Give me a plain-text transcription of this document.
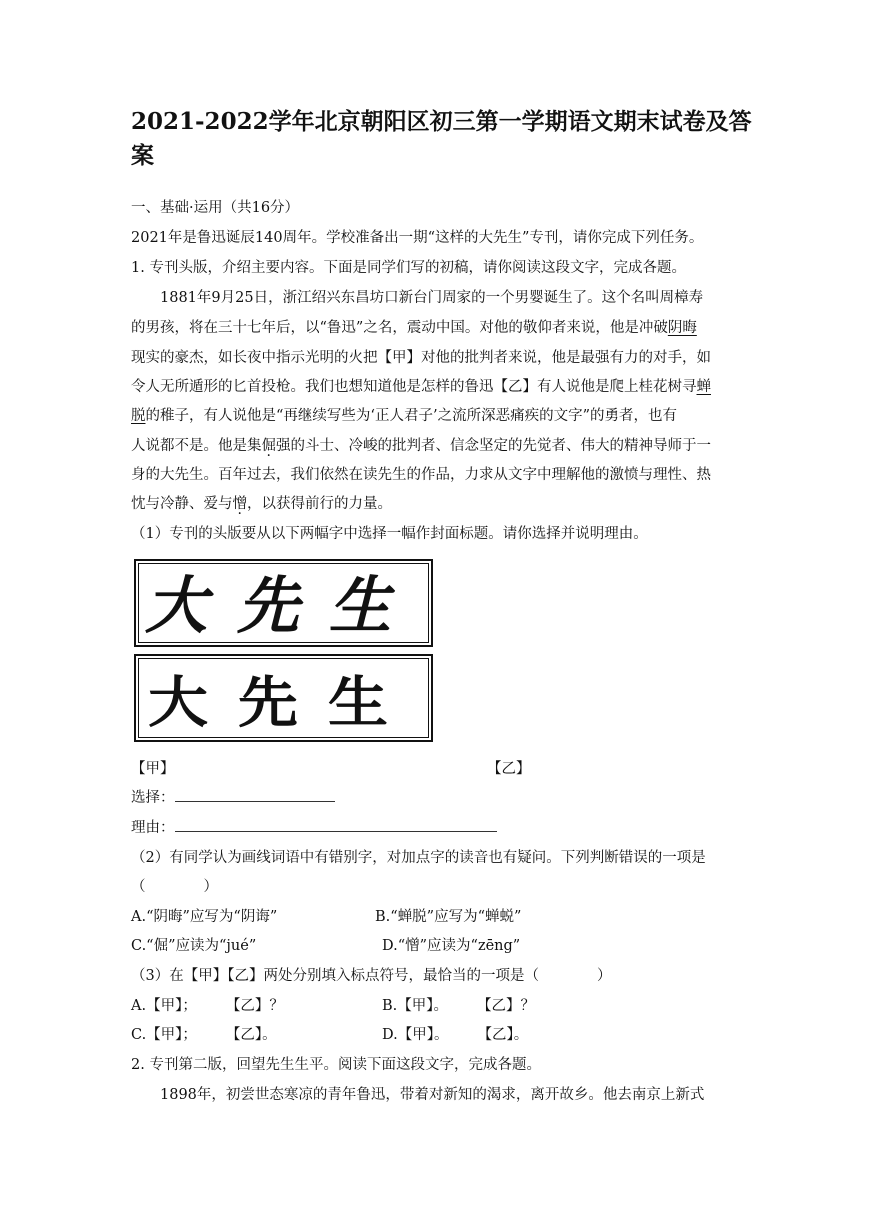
2021-2022学年北京朝阳区初三第一学期语文期末试卷及答
案
一、基础·运用（共16分）
2021年是鲁迅诞辰140周年。学校准备出一期“这样的大先生”专刊，请你完成下列任务。
1. 专刊头版，介绍主要内容。下面是同学们写的初稿，请你阅读这段文字，完成各题。
1881年9月25日，浙江绍兴东昌坊口新台门周家的一个男婴诞生了。这个名叫周樟寿
的男孩，将在三十七年后，以“鲁迅”之名，震动中国。对他的敬仰者来说，他是冲破阴晦
现实的豪杰，如长夜中指示光明的火把【甲】对他的批判者来说，他是最强有力的对手，如
令人无所遁形的匕首投枪。我们也想知道他是怎样的鲁迅【乙】有人说他是爬上桂花树寻蝉
脱的稚子，有人说他是“再继续写些为‘正人君子’之流所深恶痛疾的文字”的勇者，也有
人说都不是。他是集倔强的斗士、冷峻的批判者、信念坚定的先觉者、伟大的精神导师于一
身的大先生。百年过去，我们依然在读先生的作品，力求从文字中理解他的激愤与理性、热
忱与冷静、爱与憎，以获得前行的力量。
（1）专刊的头版要从以下两幅字中选择一幅作封面标题。请你选择并说明理由。
大先生
大先生
【甲】	【乙】
选择：
理由：
（2）有同学认为画线词语中有错别字，对加点字的读音也有疑问。下列判断错误的一项是
（　　　　）
A.“阴晦”应写为“阴诲”	B.“蝉脱”应写为“蝉蜕”
C.“倔”应读为“jué”	D.“憎”应读为“zēng”
（3）在【甲】【乙】两处分别填入标点符号，最恰当的一项是（　　　　）
A.【甲】；　　　【乙】？	B.【甲】。　　　【乙】？
C.【甲】；　　　【乙】。	D.【甲】。　　　【乙】。
2. 专刊第二版，回望先生生平。阅读下面这段文字，完成各题。
1898年，初尝世态寒凉的青年鲁迅，带着对新知的渴求，离开故乡。他去南京上新式
